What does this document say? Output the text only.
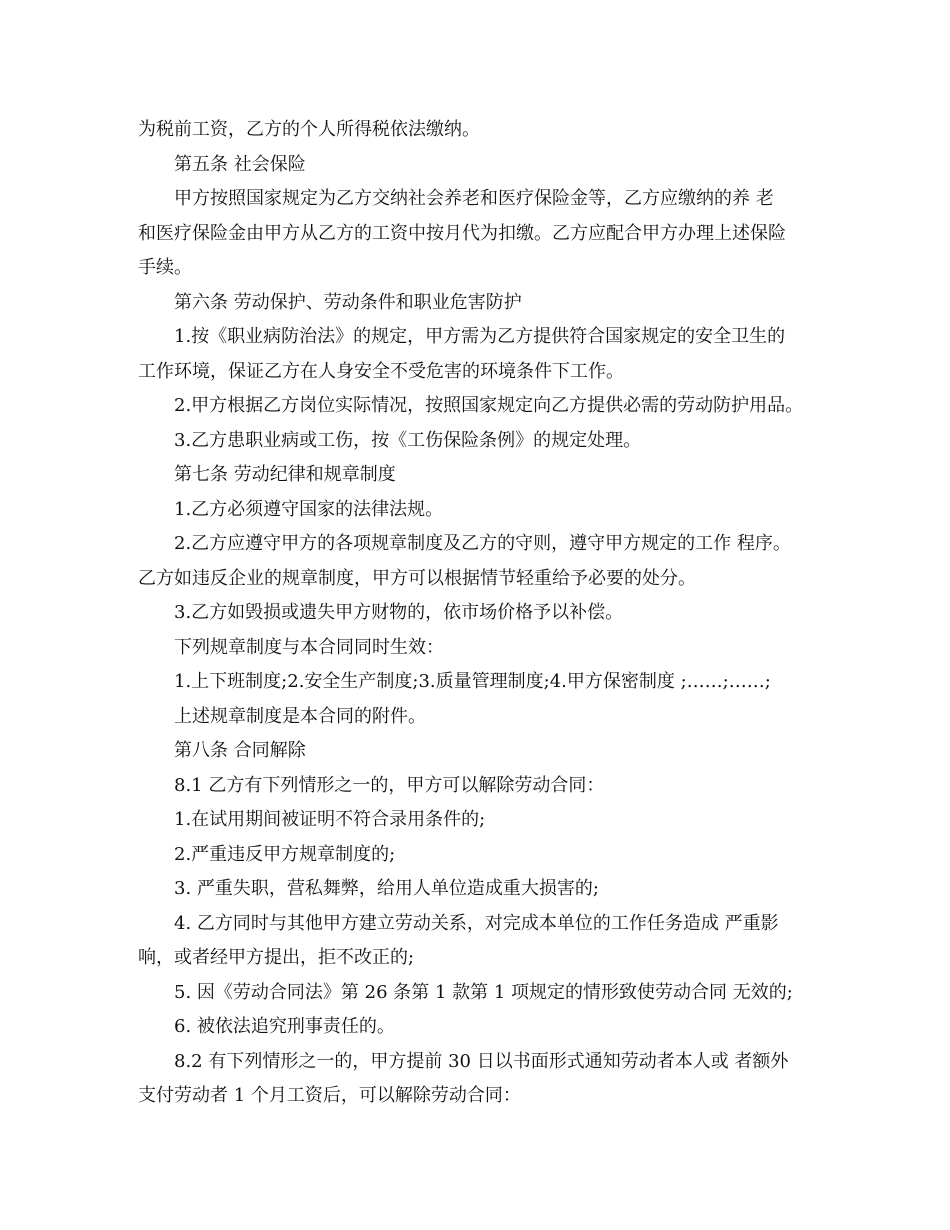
为税前工资，乙方的个人所得税依法缴纳。
第五条 社会保险
甲方按照国家规定为乙方交纳社会养老和医疗保险金等，乙方应缴纳的养 老
和医疗保险金由甲方从乙方的工资中按月代为扣缴。乙方应配合甲方办理上述保险
手续。
第六条 劳动保护、劳动条件和职业危害防护
1.按《职业病防治法》的规定，甲方需为乙方提供符合国家规定的安全卫生的
工作环境，保证乙方在人身安全不受危害的环境条件下工作。
2.甲方根据乙方岗位实际情况，按照国家规定向乙方提供必需的劳动防护用品。
3.乙方患职业病或工伤，按《工伤保险条例》的规定处理。
第七条 劳动纪律和规章制度
1.乙方必须遵守国家的法律法规。
2.乙方应遵守甲方的各项规章制度及乙方的守则，遵守甲方规定的工作 程序。
乙方如违反企业的规章制度，甲方可以根据情节轻重给予必要的处分。
3.乙方如毁损或遗失甲方财物的，依市场价格予以补偿。
下列规章制度与本合同同时生效：
1.上下班制度;2.安全生产制度;3.质量管理制度;4.甲方保密制度 ;……;……;
上述规章制度是本合同的附件。
第八条 合同解除
8.1 乙方有下列情形之一的，甲方可以解除劳动合同：
1.在试用期间被证明不符合录用条件的;
2.严重违反甲方规章制度的;
3. 严重失职，营私舞弊，给用人单位造成重大损害的;
4. 乙方同时与其他甲方建立劳动关系，对完成本单位的工作任务造成 严重影
响，或者经甲方提出，拒不改正的;
5. 因《劳动合同法》第 26 条第 1 款第 1 项规定的情形致使劳动合同 无效的;
6. 被依法追究刑事责任的。
8.2 有下列情形之一的，甲方提前 30 日以书面形式通知劳动者本人或 者额外
支付劳动者 1 个月工资后，可以解除劳动合同：
